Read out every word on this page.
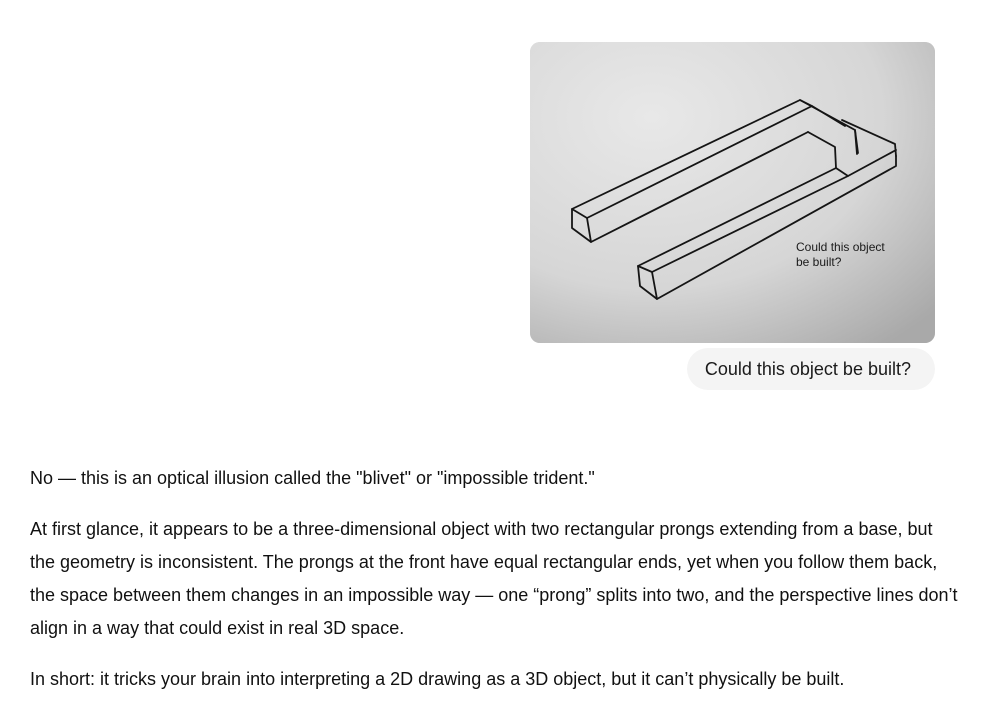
Could this object
be built?
Could this object be built?

No — this is an optical illusion called the "blivet" or "impossible trident."

At first glance, it appears to be a three-dimensional object with two rectangular prongs extending from a base, but the geometry is inconsistent. The prongs at the front have equal rectangular ends, yet when you follow them back, the space between them changes in an impossible way — one “prong” splits into two, and the perspective lines don’t align in a way that could exist in real 3D space.

In short: it tricks your brain into interpreting a 2D drawing as a 3D object, but it can’t physically be built.
